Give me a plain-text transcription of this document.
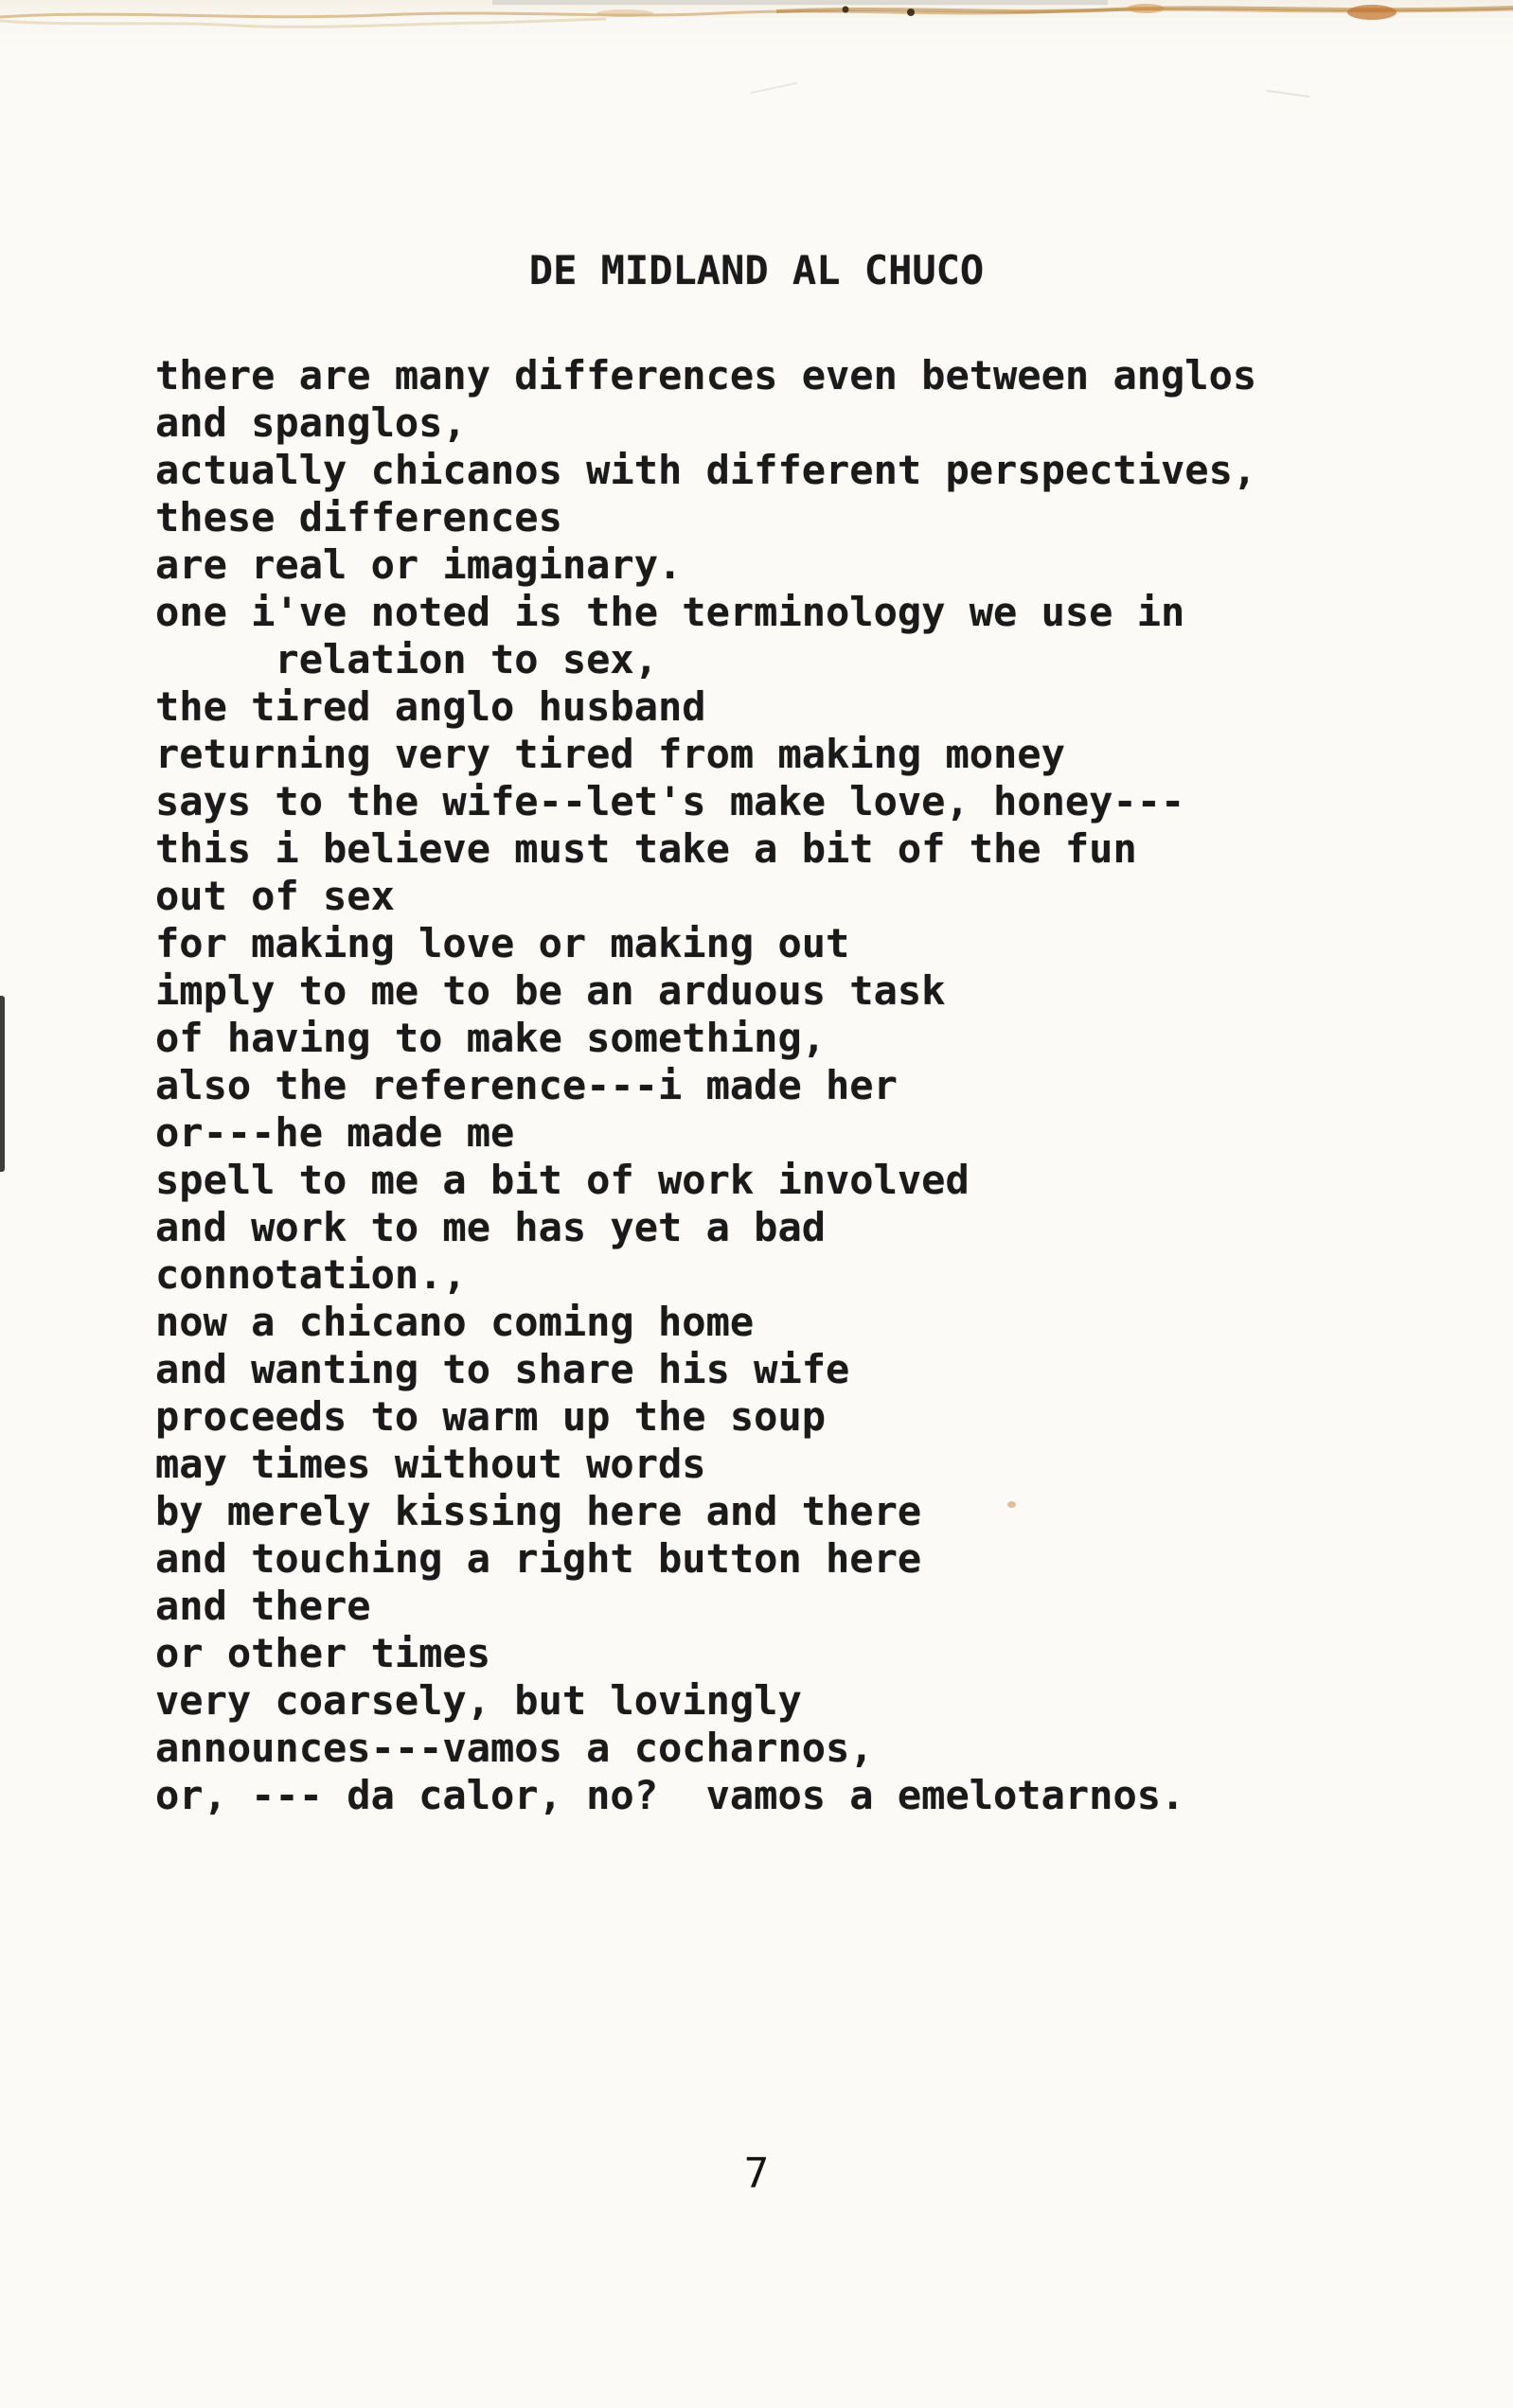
DE MIDLAND AL CHUCO
there are many differences even between anglos
and spanglos,
actually chicanos with different perspectives,
these differences
are real or imaginary.
one i've noted is the terminology we use in
relation to sex,
the tired anglo husband
returning very tired from making money
says to the wife--let's make love, honey---
this i believe must take a bit of the fun
out of sex
for making love or making out
imply to me to be an arduous task
of having to make something,
also the reference---i made her
or---he made me
spell to me a bit of work involved
and work to me has yet a bad
connotation.,
now a chicano coming home
and wanting to share his wife
proceeds to warm up the soup
may times without words
by merely kissing here and there
and touching a right button here
and there
or other times
very coarsely, but lovingly
announces---vamos a cocharnos,
or, --- da calor, no?  vamos a emelotarnos.
7
